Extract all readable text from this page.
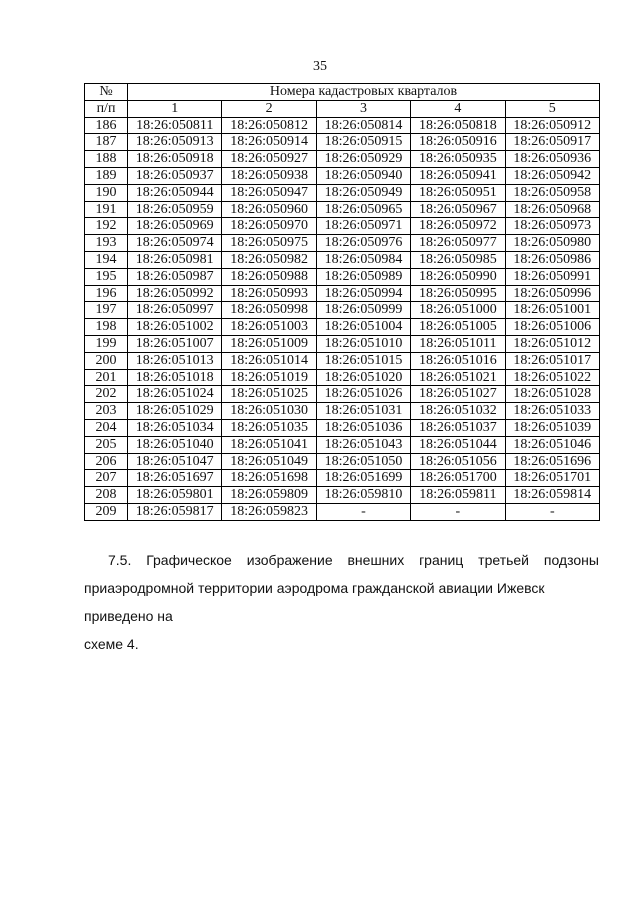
35
№	Номера кадастровых кварталов				
п/п	1	2	3	4	5
186	18:26:050811	18:26:050812	18:26:050814	18:26:050818	18:26:050912
187	18:26:050913	18:26:050914	18:26:050915	18:26:050916	18:26:050917
188	18:26:050918	18:26:050927	18:26:050929	18:26:050935	18:26:050936
189	18:26:050937	18:26:050938	18:26:050940	18:26:050941	18:26:050942
190	18:26:050944	18:26:050947	18:26:050949	18:26:050951	18:26:050958
191	18:26:050959	18:26:050960	18:26:050965	18:26:050967	18:26:050968
192	18:26:050969	18:26:050970	18:26:050971	18:26:050972	18:26:050973
193	18:26:050974	18:26:050975	18:26:050976	18:26:050977	18:26:050980
194	18:26:050981	18:26:050982	18:26:050984	18:26:050985	18:26:050986
195	18:26:050987	18:26:050988	18:26:050989	18:26:050990	18:26:050991
196	18:26:050992	18:26:050993	18:26:050994	18:26:050995	18:26:050996
197	18:26:050997	18:26:050998	18:26:050999	18:26:051000	18:26:051001
198	18:26:051002	18:26:051003	18:26:051004	18:26:051005	18:26:051006
199	18:26:051007	18:26:051009	18:26:051010	18:26:051011	18:26:051012
200	18:26:051013	18:26:051014	18:26:051015	18:26:051016	18:26:051017
201	18:26:051018	18:26:051019	18:26:051020	18:26:051021	18:26:051022
202	18:26:051024	18:26:051025	18:26:051026	18:26:051027	18:26:051028
203	18:26:051029	18:26:051030	18:26:051031	18:26:051032	18:26:051033
204	18:26:051034	18:26:051035	18:26:051036	18:26:051037	18:26:051039
205	18:26:051040	18:26:051041	18:26:051043	18:26:051044	18:26:051046
206	18:26:051047	18:26:051049	18:26:051050	18:26:051056	18:26:051696
207	18:26:051697	18:26:051698	18:26:051699	18:26:051700	18:26:051701
208	18:26:059801	18:26:059809	18:26:059810	18:26:059811	18:26:059814
209	18:26:059817	18:26:059823	-	-	-
7.5. Графическое изображение внешних границ третьей подзоны
приаэродромной территории аэродрома гражданской авиации Ижевск приведено на
схеме 4.
